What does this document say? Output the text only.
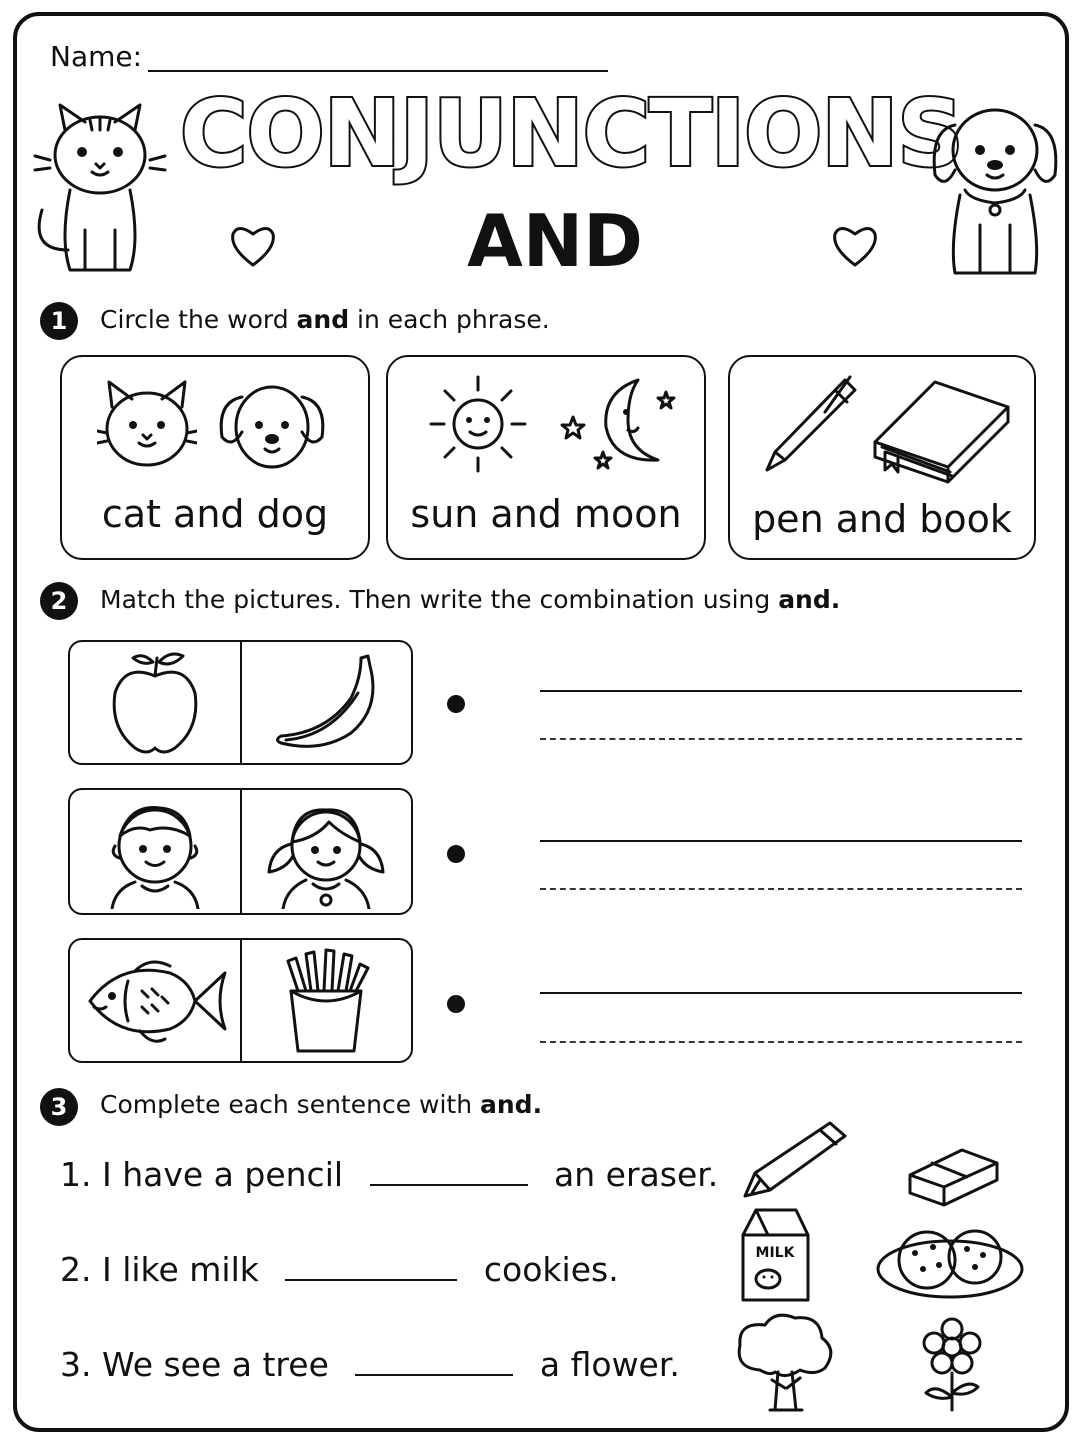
Name:
CONJUNCTIONS
AND
1	Circle the word and in each phrase.
cat and dog	sun and moon	pen and book
2	Match the pictures. Then write the combination using and.
3	Complete each sentence with and.
1. I have a pencil	an eraser.
2. I like milk	cookies.
3. We see a tree	a flower.
MILK
